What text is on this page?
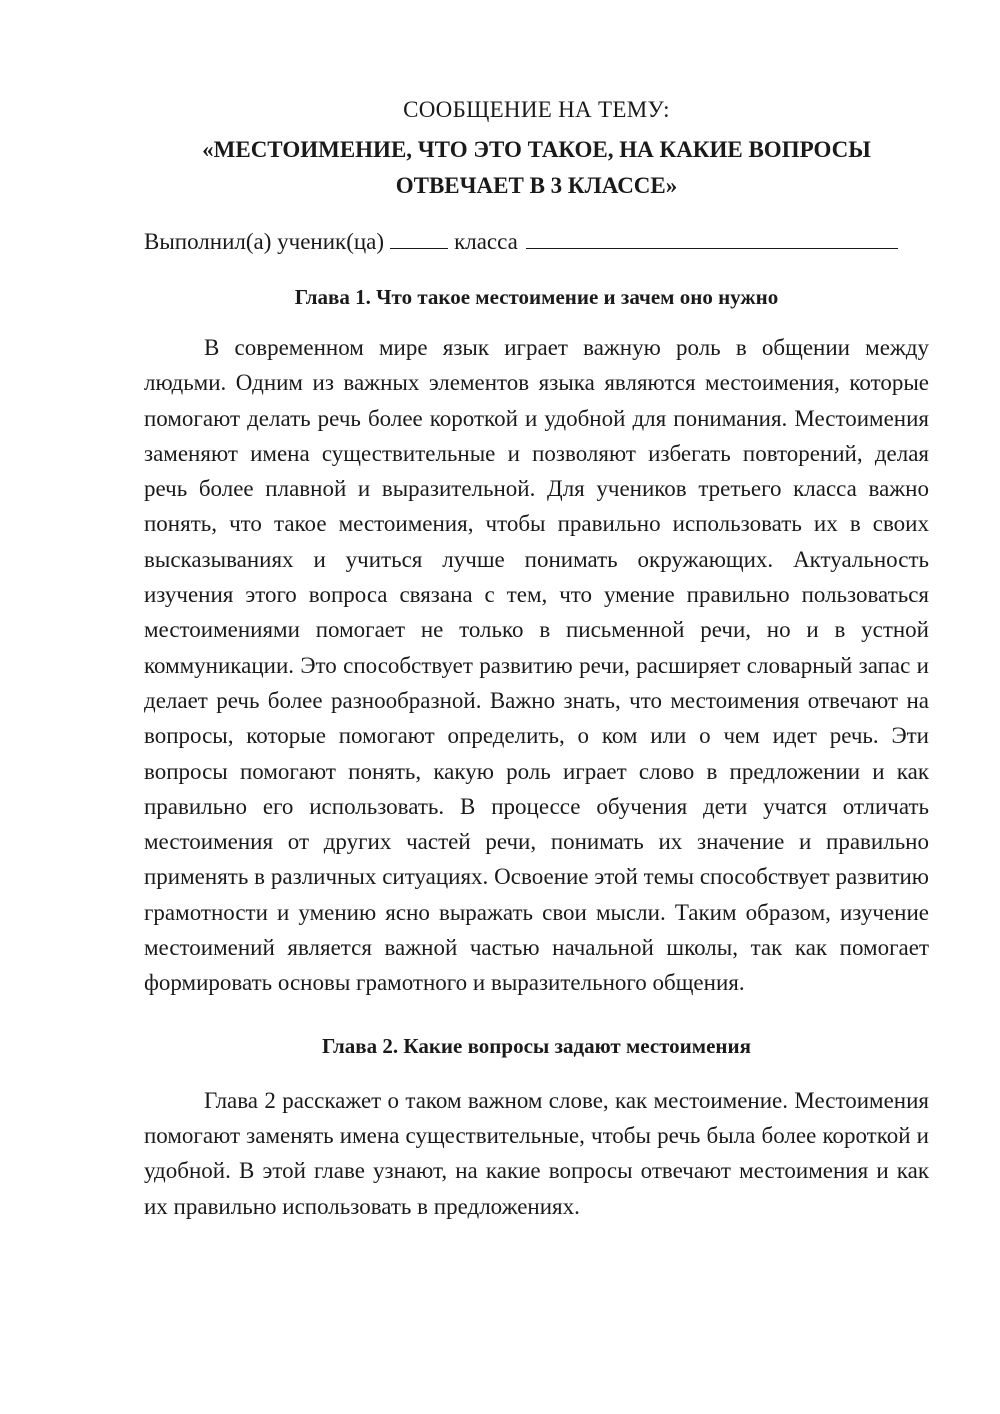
СООБЩЕНИЕ НА ТЕМУ:

«МЕСТОИМЕНИЕ, ЧТО ЭТО ТАКОЕ, НА КАКИЕ ВОПРОСЫ
ОТВЕЧАЕТ В 3 КЛАССЕ»

Выполнил(а) ученик(ца)	класса

Глава 1. Что такое местоимение и зачем оно нужно

В современном мире язык играет важную роль в общении между людьми. Одним из важных элементов языка являются местоимения, которые помогают делать речь более короткой и удобной для понимания. Местоимения заменяют имена существительные и позволяют избегать повторений, делая речь более плавной и выразительной. Для учеников третьего класса важно понять, что такое местоимения, чтобы правильно использовать их в своих высказываниях и учиться лучше понимать окружающих. Актуальность изучения этого вопроса связана с тем, что умение правильно пользоваться местоимениями помогает не только в письменной речи, но и в устной коммуникации. Это способствует развитию речи, расширяет словарный запас и делает речь более разнообразной. Важно знать, что местоимения отвечают на вопросы, которые помогают определить, о ком или о чем идет речь. Эти вопросы помогают понять, какую роль играет слово в предложении и как правильно его использовать. В процессе обучения дети учатся отличать местоимения от других частей речи, понимать их значение и правильно применять в различных ситуациях. Освоение этой темы способствует развитию грамотности и умению ясно выражать свои мысли. Таким образом, изучение местоимений является важной частью начальной школы, так как помогает формировать основы грамотного и выразительного общения.

Глава 2. Какие вопросы задают местоимения

Глава 2 расскажет о таком важном слове, как местоимение. Местоимения помогают заменять имена существительные, чтобы речь была более короткой и удобной. В этой главе узнают, на какие вопросы отвечают местоимения и как их правильно использовать в предложениях.
